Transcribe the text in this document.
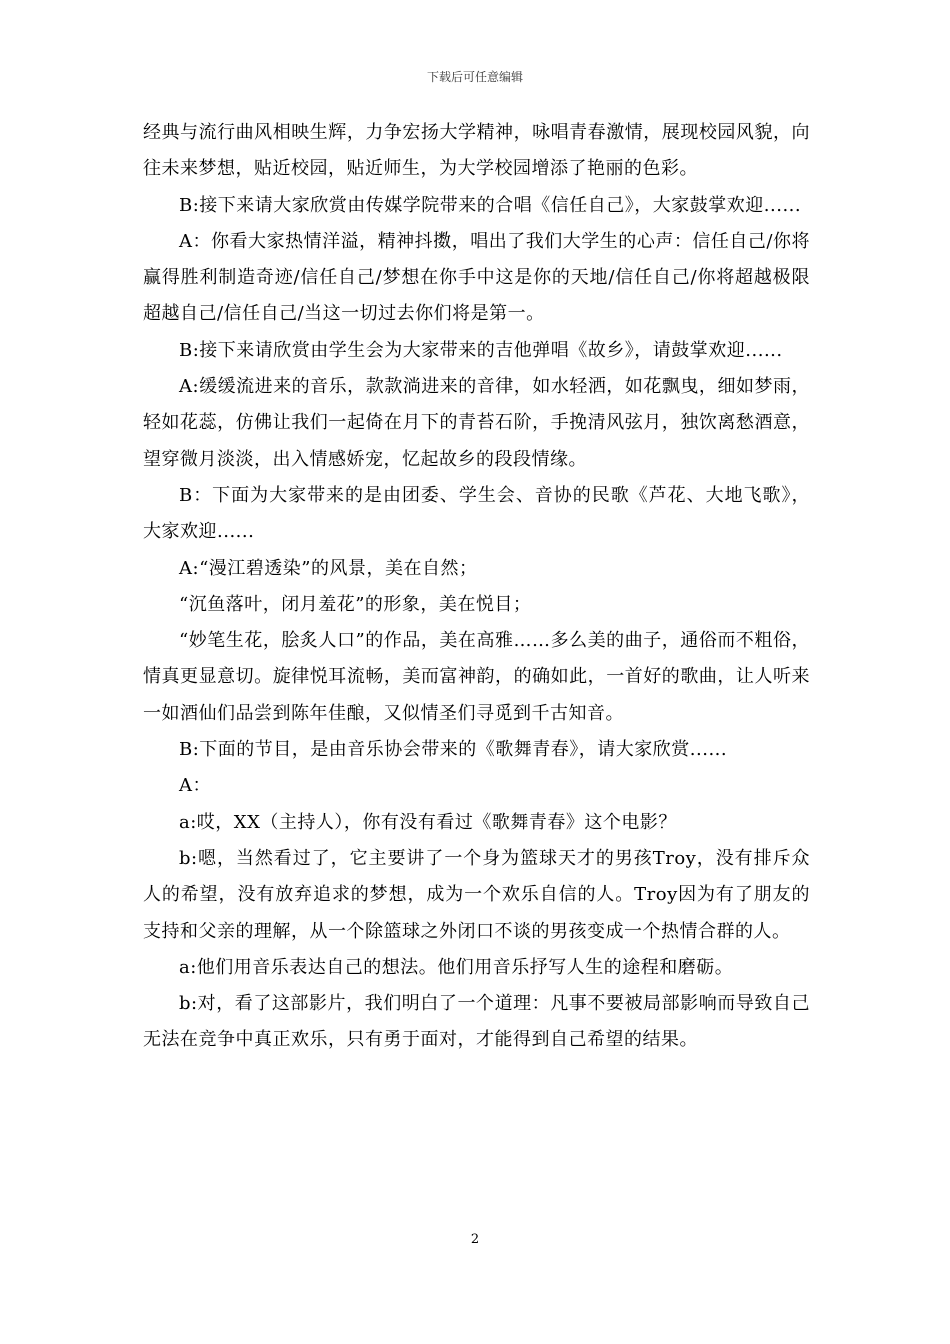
下载后可任意编辑

经典与流行曲风相映生辉，力争宏扬大学精神，咏唱青春激情，展现校园风貌，向往未来梦想，贴近校园，贴近师生，为大学校园增添了艳丽的色彩。

B:接下来请大家欣赏由传媒学院带来的合唱《信任自己》，大家鼓掌欢迎......

A：你看大家热情洋溢，精神抖擞，唱出了我们大学生的心声：信任自己/你将赢得胜利制造奇迹/信任自己/梦想在你手中这是你的天地/信任自己/你将超越极限超越自己/信任自己/当这一切过去你们将是第一。

B:接下来请欣赏由学生会为大家带来的吉他弹唱《故乡》，请鼓掌欢迎......

A:缓缓流进来的音乐，款款淌进来的音律，如水轻洒，如花飘曳，细如梦雨，轻如花蕊，仿佛让我们一起倚在月下的青苔石阶，手挽清风弦月，独饮离愁酒意，望穿微月淡淡，出入情感娇宠，忆起故乡的段段情缘。

B：下面为大家带来的是由团委、学生会、音协的民歌《芦花、大地飞歌》，大家欢迎......

A:“漫江碧透染”的风景，美在自然；

“沉鱼落叶，闭月羞花”的形象，美在悦目；

“妙笔生花，脍炙人口”的作品，美在高雅……多么美的曲子，通俗而不粗俗，情真更显意切。旋律悦耳流畅，美而富神韵，的确如此，一首好的歌曲，让人听来一如酒仙们品尝到陈年佳酿，又似情圣们寻觅到千古知音。

B:下面的节目，是由音乐协会带来的《歌舞青春》，请大家欣赏......

A：

a:哎，XX（主持人），你有没有看过《歌舞青春》这个电影？

b:嗯，当然看过了，它主要讲了一个身为篮球天才的男孩Troy，没有排斥众人的希望，没有放弃追求的梦想，成为一个欢乐自信的人。Troy因为有了朋友的支持和父亲的理解，从一个除篮球之外闭口不谈的男孩变成一个热情合群的人。

a:他们用音乐表达自己的想法。他们用音乐抒写人生的途程和磨砺。

b:对，看了这部影片，我们明白了一个道理：凡事不要被局部影响而导致自己无法在竞争中真正欢乐，只有勇于面对，才能得到自己希望的结果。

2
